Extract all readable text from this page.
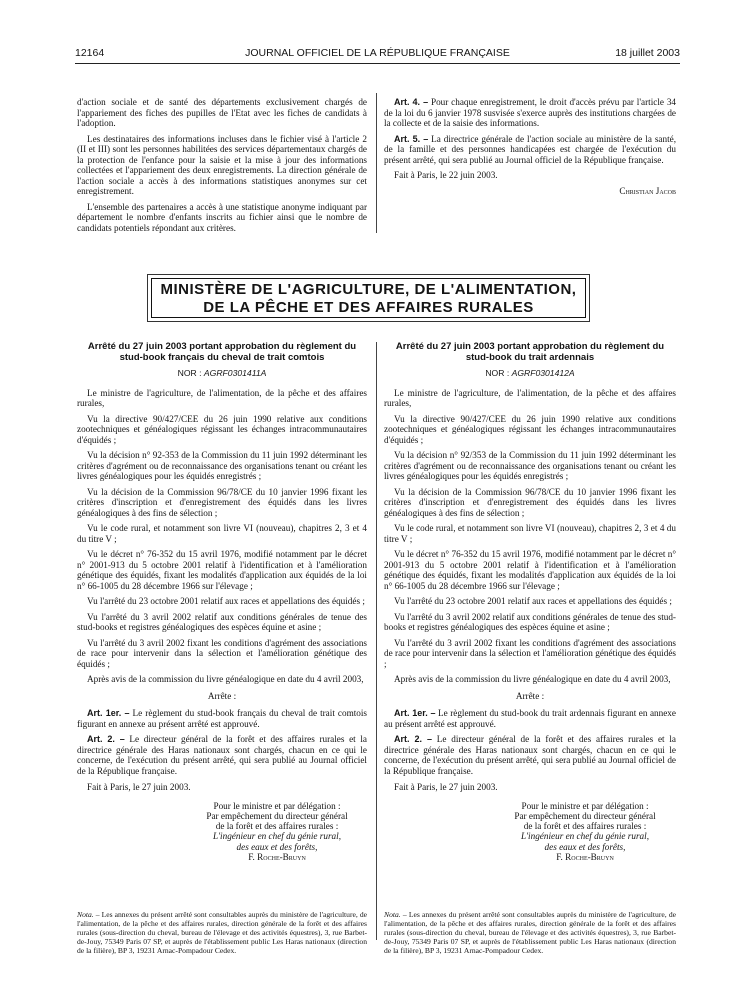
12164	JOURNAL OFFICIEL DE LA RÉPUBLIQUE FRANÇAISE	18 juillet 2003

d'action sociale et de santé des départements exclusivement chargés de l'appariement des fiches des pupilles de l'Etat avec les fiches de candidats à l'adoption.

Les destinataires des informations incluses dans le fichier visé à l'article 2 (II et III) sont les personnes habilitées des services départementaux chargés de la protection de l'enfance pour la saisie et la mise à jour des informations collectées et l'appariement des deux enregistrements. La direction générale de l'action sociale a accès à des informations statistiques anonymes sur cet enregistrement.

L'ensemble des partenaires a accès à une statistique anonyme indiquant par département le nombre d'enfants inscrits au fichier ainsi que le nombre de candidats potentiels répondant aux critères.

Art. 4. – Pour chaque enregistrement, le droit d'accès prévu par l'article 34 de la loi du 6 janvier 1978 susvisée s'exerce auprès des institutions chargées de la collecte et de la saisie des informations.

Art. 5. – La directrice générale de l'action sociale au ministère de la santé, de la famille et des personnes handicapées est chargée de l'exécution du présent arrêté, qui sera publié au Journal officiel de la République française.

Fait à Paris, le 22 juin 2003.

Christian Jacob
MINISTÈRE DE L'AGRICULTURE, DE L'ALIMENTATION,
DE LA PÊCHE ET DES AFFAIRES RURALES
Arrêté du 27 juin 2003 portant approbation du règlement du stud-book français du cheval de trait comtois
NOR : AGRF0301411A

Le ministre de l'agriculture, de l'alimentation, de la pêche et des affaires rurales,

Vu la directive 90/427/CEE du 26 juin 1990 relative aux conditions zootechniques et généalogiques régissant les échanges intracommunautaires d'équidés ;

Vu la décision n° 92-353 de la Commission du 11 juin 1992 déterminant les critères d'agrément ou de reconnaissance des organisations tenant ou créant les livres généalogiques pour les équidés enregistrés ;

Vu la décision de la Commission 96/78/CE du 10 janvier 1996 fixant les critères d'inscription et d'enregistrement des équidés dans les livres généalogiques à des fins de sélection ;

Vu le code rural, et notamment son livre VI (nouveau), chapitres 2, 3 et 4 du titre V ;

Vu le décret n° 76-352 du 15 avril 1976, modifié notamment par le décret n° 2001-913 du 5 octobre 2001 relatif à l'identification et à l'amélioration génétique des équidés, fixant les modalités d'application aux équidés de la loi n° 66-1005 du 28 décembre 1966 sur l'élevage ;

Vu l'arrêté du 23 octobre 2001 relatif aux races et appellations des équidés ;

Vu l'arrêté du 3 avril 2002 relatif aux conditions générales de tenue des stud-books et registres généalogiques des espèces équine et asine ;

Vu l'arrêté du 3 avril 2002 fixant les conditions d'agrément des associations de race pour intervenir dans la sélection et l'amélioration génétique des équidés ;

Après avis de la commission du livre généalogique en date du 4 avril 2003,

Arrête :

Art. 1er. – Le règlement du stud-book français du cheval de trait comtois figurant en annexe au présent arrêté est approuvé.

Art. 2. – Le directeur général de la forêt et des affaires rurales et la directrice générale des Haras nationaux sont chargés, chacun en ce qui le concerne, de l'exécution du présent arrêté, qui sera publié au Journal officiel de la République française.

Fait à Paris, le 27 juin 2003.
Pour le ministre et par délégation :
Par empêchement du directeur général
de la forêt et des affaires rurales :
L'ingénieur en chef du génie rural,
des eaux et des forêts,
F. Roche-Bruyn
Arrêté du 27 juin 2003 portant approbation du règlement du stud-book du trait ardennais
NOR : AGRF0301412A

Le ministre de l'agriculture, de l'alimentation, de la pêche et des affaires rurales,

Vu la directive 90/427/CEE du 26 juin 1990 relative aux conditions zootechniques et généalogiques régissant les échanges intracommunautaires d'équidés ;

Vu la décision n° 92/353 de la Commission du 11 juin 1992 déterminant les critères d'agrément ou de reconnaissance des organisations tenant ou créant les livres généalogiques pour les équidés enregistrés ;

Vu la décision de la Commission 96/78/CE du 10 janvier 1996 fixant les critères d'inscription et d'enregistrement des équidés dans les livres généalogiques à des fins de sélection ;

Vu le code rural, et notamment son livre VI (nouveau), chapitres 2, 3 et 4 du titre V ;

Vu le décret n° 76-352 du 15 avril 1976, modifié notamment par le décret n° 2001-913 du 5 octobre 2001 relatif à l'identification et à l'amélioration génétique des équidés, fixant les modalités d'application aux équidés de la loi n° 66-1005 du 28 décembre 1966 sur l'élevage ;

Vu l'arrêté du 23 octobre 2001 relatif aux races et appellations des équidés ;

Vu l'arrêté du 3 avril 2002 relatif aux conditions générales de tenue des stud-books et registres généalogiques des espèces équine et asine ;

Vu l'arrêté du 3 avril 2002 fixant les conditions d'agrément des associations de race pour intervenir dans la sélection et l'amélioration génétique des équidés ;

Après avis de la commission du livre généalogique en date du 4 avril 2003,

Arrête :

Art. 1er. – Le règlement du stud-book du trait ardennais figurant en annexe au présent arrêté est approuvé.

Art. 2. – Le directeur général de la forêt et des affaires rurales et la directrice générale des Haras nationaux sont chargés, chacun en ce qui le concerne, de l'exécution du présent arrêté, qui sera publié au Journal officiel de la République française.

Fait à Paris, le 27 juin 2003.
Pour le ministre et par délégation :
Par empêchement du directeur général
de la forêt et des affaires rurales :
L'ingénieur en chef du génie rural,
des eaux et des forêts,
F. Roche-Bruyn
Nota. – Les annexes du présent arrêté sont consultables auprès du ministère de l'agriculture, de l'alimentation, de la pêche et des affaires rurales, direction générale de la forêt et des affaires rurales (sous-direction du cheval, bureau de l'élevage et des activités équestres), 3, rue Barbet-de-Jouy, 75349 Paris 07 SP, et auprès de l'établissement public Les Haras nationaux (direction de la filière), BP 3, 19231 Arnac-Pompadour Cedex.
Nota. – Les annexes du présent arrêté sont consultables auprès du ministère de l'agriculture, de l'alimentation, de la pêche et des affaires rurales, direction générale de la forêt et des affaires rurales (sous-direction du cheval, bureau de l'élevage et des activités équestres), 3, rue Barbet-de-Jouy, 75349 Paris 07 SP, et auprès de l'établissement public Les Haras nationaux (direction de la filière), BP 3, 19231 Arnac-Pompadour Cedex.
